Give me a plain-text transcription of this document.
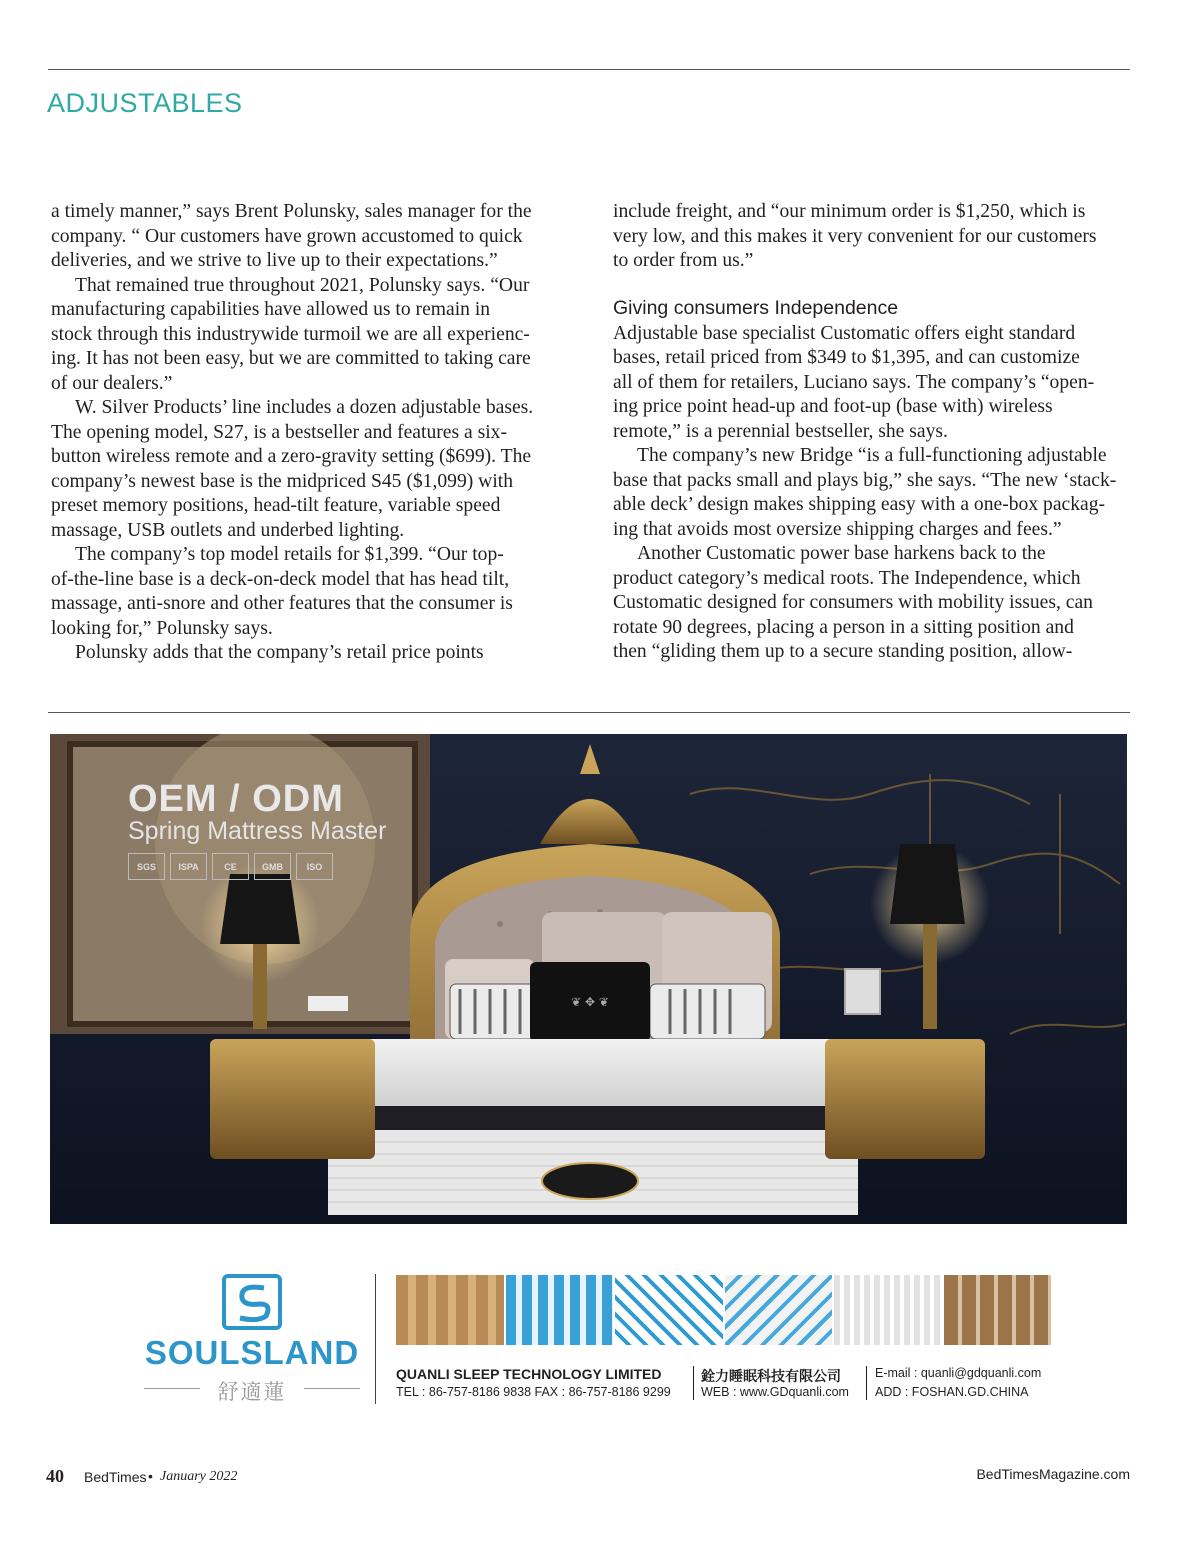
ADJUSTABLES
a timely manner,” says Brent Polunsky, sales manager for the
company. “ Our customers have grown accustomed to quick
deliveries, and we strive to live up to their expectations.”
That remained true throughout 2021, Polunsky says. “Our
manufacturing capabilities have allowed us to remain in
stock through this industrywide turmoil we are all experienc-
ing. It has not been easy, but we are committed to taking care
of our dealers.”
W. Silver Products’ line includes a dozen adjustable bases.
The opening model, S27, is a bestseller and features a six-
button wireless remote and a zero-gravity setting ($699). The
company’s newest base is the midpriced S45 ($1,099) with
preset memory positions, head-tilt feature, variable speed
massage, USB outlets and underbed lighting.
The company’s top model retails for $1,399. “Our top-
of-the-line base is a deck-on-deck model that has head tilt,
massage, anti-snore and other features that the consumer is
looking for,” Polunsky says.
Polunsky adds that the company’s retail price points
include freight, and “our minimum order is $1,250, which is
very low, and this makes it very convenient for our customers
to order from us.”
Giving consumers Independence
Adjustable base specialist Customatic offers eight standard
bases, retail priced from $349 to $1,395, and can customize
all of them for retailers, Luciano says. The company’s “open-
ing price point head-up and foot-up (base with) wireless
remote,” is a perennial bestseller, she says.
The company’s new Bridge “is a full-functioning adjustable
base that packs small and plays big,” she says. “The new ‘stack-
able deck’ design makes shipping easy with a one-box packag-
ing that avoids most oversize shipping charges and fees.”
Another Customatic power base harkens back to the
product category’s medical roots. The Independence, which
Customatic designed for consumers with mobility issues, can
rotate 90 degrees, placing a person in a sitting position and
then “gliding them up to a secure standing position, allow-
❦ ✥ ❦
OEM / ODM
Spring Mattress Master
SGS	ISPA	CE	GMB	ISO
SOULSLAND
舒適蓮
QUANLI SLEEP TECHNOLOGY LIMITED	銓力睡眠科技有限公司	E-mail : quanli@gdquanli.com
TEL : 86-757-8186 9838 FAX : 86-757-8186 9299 WEB : www.GDquanli.com ADD : FOSHAN.GD.CHINA
40 BedTimes • January 2022	BedTimesMagazine.com
